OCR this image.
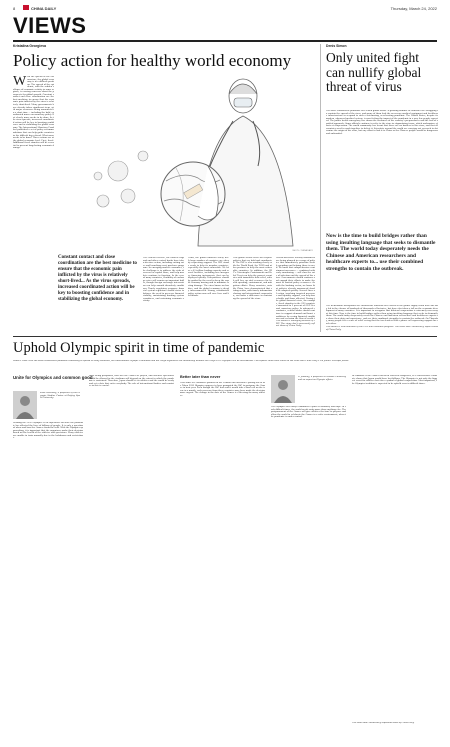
8	CHINA DAILY	Thursday, March 24, 2022
VIEWS
Kristalina Georgieva
Policy action for healthy world economy
With the spread of the coronavirus, the global economy is in a difficult position. The spread of the epidemic, with the sudden collapse of economic activity in some regions, is causing concerns about the prospects for global growth. Constant contact and close coordination are the best medicine to ensure that the economic pain inflicted by the virus is relatively short-lived. Many governments have already taken significant steps, with major resources being announced in a short time — including the bold, coordinated moves on monetary policy. But clearly more needs to be done. As the virus spreads, increased coordinated action will be key to boosting confidence and in stabilizing the global economy. The International Monetary Fund has published a set of policy recommendations that can help guide countries in the difficult days ahead. What more needs to be done? Three actions are at the global economic level. First, fiscal. Additional fiscal stimulus will be essential to prevent long-lasting economic damage.
SHI YU / CHINA DAILY
Constant contact and close coordination are the best medicine to ensure that the economic pain inflicted by the virus is relatively short-lived... As the virus spreads, increased coordinated action will be key to boosting confidence and in stabilizing the global economy.
The Federal Reserve, the Bank of England and other central banks have taken decisive action, including cutting rates and launching asset purchase programs. In emerging market economies, the challenge is to address the risks of reversal in capital flows, and help markets continue to function. In the case of many countries, flexibility of exchange rates will remain an important buffer, though foreign exchange intervention can help smooth disorderly conditions. Timely regulatory response: financial system regulators should strive to balance the need to preserve financial stability, maintaining banking system soundness, and sustaining economic activity.
Third, the global financial safety net. A large number of countries are already requesting support. The IMF stands ready to help its member countries, especially the most vulnerable. We have a $1 trillion lending capacity and several facilities, including our emergency financing instruments, that can be deployed quickly. Policymakers should be guided by the need to keep the world economy moving and to minimize lasting damage. The virus knows no borders, and the global economy is deeply interconnected. Strong, coordinated policy action now will save lives and livelihoods.
This global health crisis will require policies that are bold and coordinated. The IMF is also working closely with the World Bank, the WHO and other partners to help the most vulnerable countries. In addition, the IMF's Catastrophe Containment and Relief Trust can help the poorest countries with immediate debt relief, which will free up vital resources for health spending, containment, and mitigation efforts. Many countries, notably China, have demonstrated that strong action, with timely information sharing and international cooperation, can make a difference in containing the spread of the virus.
Proved measures already announced are being planned in a range of policies that immediately prioritize health spending and helping those in need. We know that comprehensive containment measures — combined with early monitoring — will slow the rate of infection and the spread of the virus. Governments should continue and expand their efforts to make the most of limited policy resources. As with the banking sector, we know that policies already announced should be adopted quickly. Several lines of action, involving targeted measures and liquidity support, can help households and firms affected. During the global financial crisis, for example, fiscal stimulus in the G20 countries amounted to 2 percent of GDP. Second, monetary policy. In advanced economies, central banks should continue to support demand and boost confidence by easing financial conditi
The author is managing director of IMF. The views don't necessarily reflect those of China Daily.
Denis Simon
Only united fight can nullify global threat of virus
The novel coronavirus pandemic has seized global havoc. A growing number of countries are struggling to contain the spread of the virus, and many of them lack the necessary medical equipment and healthcare infrastructure to respond to such a fast-moving, accelerating pandemic. The United States, despite its modern, advanced medical system, is now feeling the impact of the pandemic in a way few people expected. The public health emergency has shown the weakness of the country's preparedness and the lack of a unified approach. Some officials continue to refer to the virus in stigmatizing terms, which undermines efforts at cooperation. The world community has learnt that there are no borders to this virus, and that all countries need to work together to defeat it. Scientists around the world are carrying out research to determine the origin of the virus, but any effort to link it to China or the Chinese people would be dangerous and unfounded.
Now is the time to build bridges rather than using insulting language that seeks to dismantle them. The world today desperately needs the Chinese and American researchers and healthcare experts to... use their combined strengths to contain the outbreak.
The tremendous disruptions the coronavirus outbreak has caused in the global supply chain have not only led to the closure of hundreds of thousands of factories, but have also taken a toll on the economic development of many countries. It is important to recognize that bilateral cooperation is extremely necessary at this time. Now is the time to build bridges rather than using insulting language that seeks to dismantle them. The world today desperately needs the Chinese and American researchers and healthcare experts to share their data and experience, and use their combined strengths to contain the outbreak. On Thursday, many people felt a sense of relief seeing that the two leaders held a phone call expressing support for each other.
The author is vice-chairman of the US-China relations program. The views don't necessarily reflect those of China Daily.
Uphold Olympic spirit in time of pandemic
Editor's Note: With the novel coronavirus pandemic continuing to spread in many countries, the International Olympic Committee and the Tokyo organizers are considering whether the Tokyo 2020 Olympics will be rescheduled. Two experts share their views on the issue with China Daily's Liu Jianna. Excerpts follow:
Unite for Olympics and common good
Zhou Weisheng, a professor of the Olympic Studies Center at Beijing Sport University.
Reading the 2020 Olympics is an experience because the pandemic has affected the lives of billions of people. It is only a question of when and how the Games should be held. With the Olympics approaching, it is important that the organizers make their decision based on the health of the athletes and spectators. Many athletes are unable to train normally due to the lockdowns and restrictions.
After being postponed, how will the Games be played, and whether spectators would be allowed in the stadiums will depend on the extent to which the pandemic is contained. Therefore, Japan should let its athletes and the world be ready and set a date that suits everybody. The role of international bodies and countries in this is crucial.
Better later than never
That some IOC members planned in the Canada and Australia's pulling out of the Tokyo 2020 Olympics appears to have prompted the IOC to postpone the Games to next year. Even though the IOC had said it would take a final call on the issue in a month, such pressure from these countries may have made the decision more urgent. The change in the date of the Games is a blessing for many athletes.
Yi Jianding, a professor at Waseda University and an expert on Olympic affairs.
The Olympics has always embodied a spirit of solidarity and hope. In such difficult times, the world needs unity more than anything else. The postponement of the Games will give athletes the time to prepare and allow the world to celebrate the Games in a safer environment, when the pandemic is under control.
to eliminate if the Games had been canceled altogether, as a conservative estimate shows that Japan would have lost billions. The Olympics is not only the biggest event for athletes but also a symbol of global cooperation. Most important, the Olympics tradition is expected to be upheld even in difficult times.
The views don't necessarily represent those of China Daily.
